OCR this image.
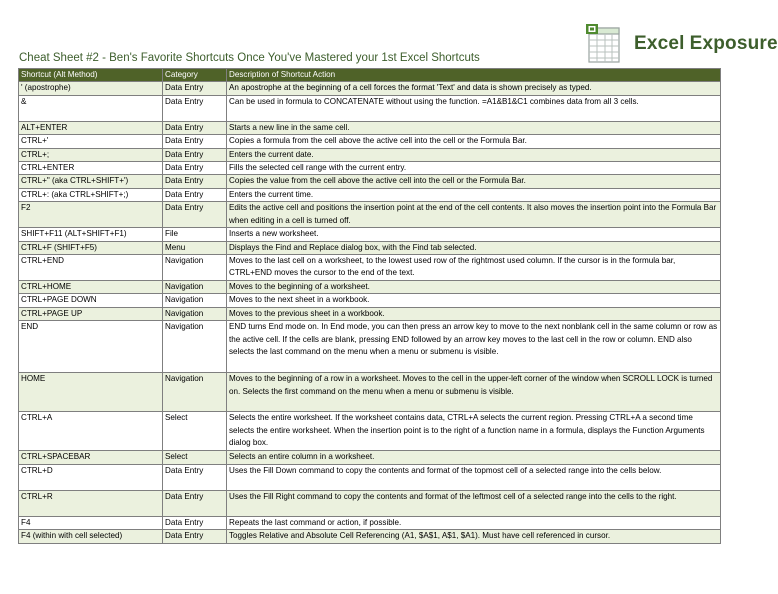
Excel Exposure
Cheat Sheet #2 - Ben's Favorite Shortcuts Once You've Mastered your 1st Excel Shortcuts
Shortcut (Alt Method)	Category	Description of Shortcut Action
' (apostrophe)	Data Entry	An apostrophe at the beginning of a cell forces the format 'Text' and data is shown precisely as typed.
&	Data Entry	Can be used in formula to CONCATENATE without using the function. =A1&B1&C1 combines data from all 3 cells.
ALT+ENTER	Data Entry	Starts a new line in the same cell.
CTRL+'	Data Entry	Copies a formula from the cell above the active cell into the cell or the Formula Bar.
CTRL+;	Data Entry	Enters the current date.
CTRL+ENTER	Data Entry	Fills the selected cell range with the current entry.
CTRL+" (aka CTRL+SHIFT+')	Data Entry	Copies the value from the cell above the active cell into the cell or the Formula Bar.
CTRL+: (aka CTRL+SHIFT+;)	Data Entry	Enters the current time.
F2	Data Entry	Edits the active cell and positions the insertion point at the end of the cell contents. It also moves the insertion point into the Formula Bar when editing in a cell is turned off.
SHIFT+F11 (ALT+SHIFT+F1)	File	Inserts a new worksheet.
CTRL+F (SHIFT+F5)	Menu	Displays the Find and Replace dialog box, with the Find tab selected.
CTRL+END	Navigation	Moves to the last cell on a worksheet, to the lowest used row of the rightmost used column. If the cursor is in the formula bar, CTRL+END moves the cursor to the end of the text.
CTRL+HOME	Navigation	Moves to the beginning of a worksheet.
CTRL+PAGE DOWN	Navigation	Moves to the next sheet in a workbook.
CTRL+PAGE UP	Navigation	Moves to the previous sheet in a workbook.
END	Navigation	END turns End mode on. In End mode, you can then press an arrow key to move to the next nonblank cell in the same column or row as the active cell. If the cells are blank, pressing END followed by an arrow key moves to the last cell in the row or column. END also selects the last command on the menu when a menu or submenu is visible.
HOME	Navigation	Moves to the beginning of a row in a worksheet. Moves to the cell in the upper-left corner of the window when SCROLL LOCK is turned on. Selects the first command on the menu when a menu or submenu is visible.
CTRL+A	Select	Selects the entire worksheet. If the worksheet contains data, CTRL+A selects the current region. Pressing CTRL+A a second time selects the entire worksheet. When the insertion point is to the right of a function name in a formula, displays the Function Arguments dialog box.
CTRL+SPACEBAR	Select	Selects an entire column in a worksheet.
CTRL+D	Data Entry	Uses the Fill Down command to copy the contents and format of the topmost cell of a selected range into the cells below.
CTRL+R	Data Entry	Uses the Fill Right command to copy the contents and format of the leftmost cell of a selected range into the cells to the right.
F4	Data Entry	Repeats the last command or action, if possible.
F4 (within with cell selected)	Data Entry	Toggles Relative and Absolute Cell Referencing (A1, $A$1, A$1, $A1). Must have cell referenced in cursor.
